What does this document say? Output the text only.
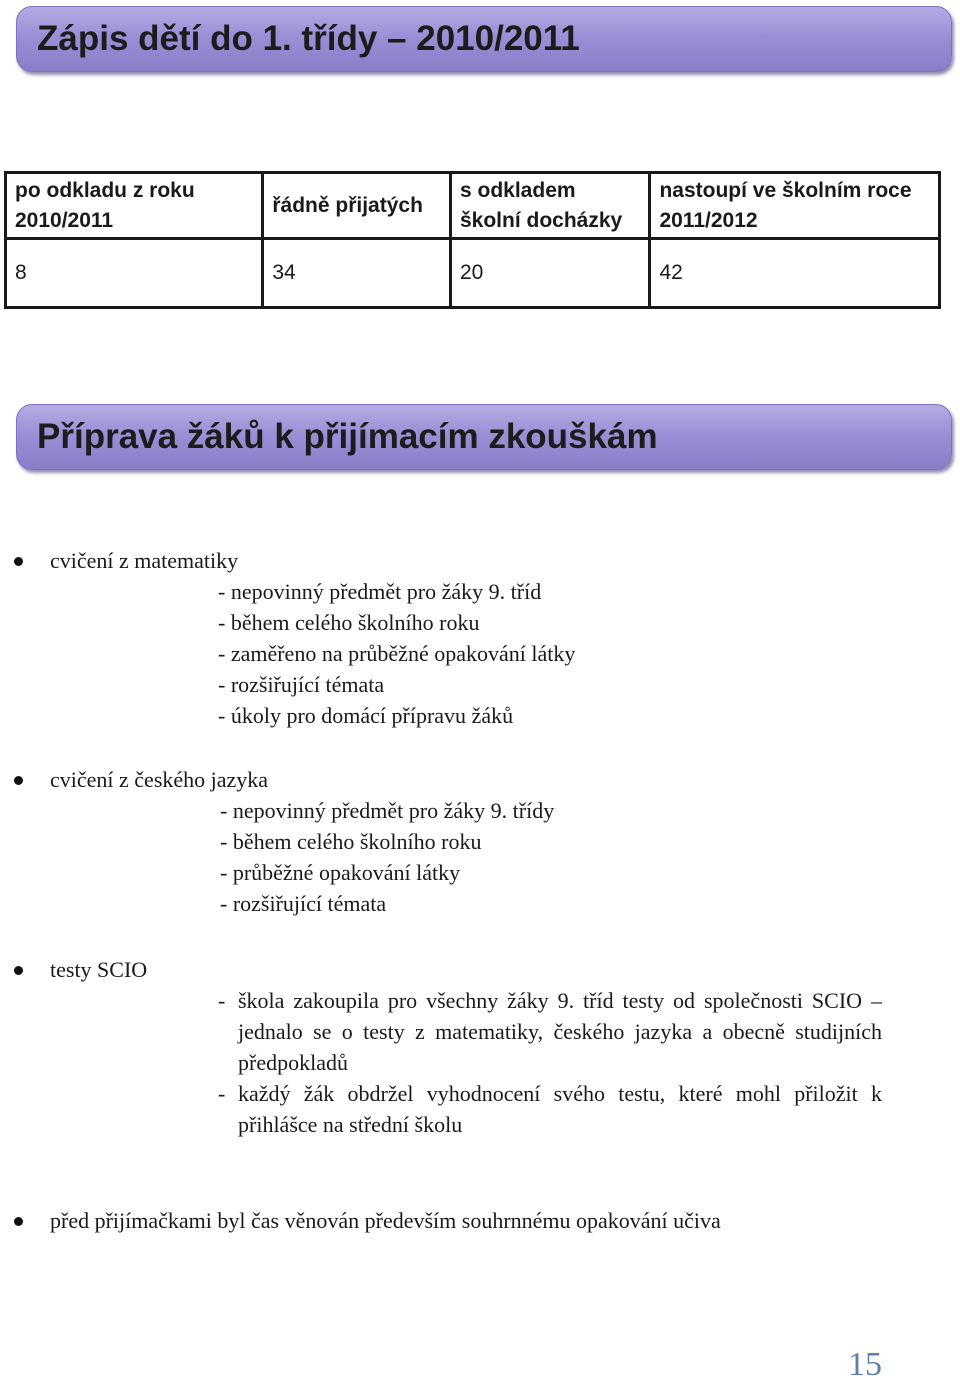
Zápis dětí do 1. třídy – 2010/2011
po odkladu z roku 2010/2011	řádně přijatých	s odkladem školní docházky	nastoupí ve školním roce 2011/2012
8	34	20	42
Příprava žáků k přijímacím zkouškám
cvičení z matematiky
- nepovinný předmět pro žáky 9. tříd
- během celého školního roku
- zaměřeno na průběžné opakování látky
- rozšiřující témata
- úkoly pro domácí přípravu žáků
cvičení z českého jazyka
- nepovinný předmět pro žáky 9. třídy
- během celého školního roku
- průběžné opakování látky
- rozšiřující témata
testy SCIO
- škola zakoupila pro všechny žáky 9. tříd testy od společnosti SCIO – jednalo se o testy z matematiky, českého jazyka a obecně studijních předpokladů
- každý žák obdržel vyhodnocení svého testu, které mohl přiložit k přihlášce na střední školu
před přijímačkami byl čas věnován především souhrnnému opakování učiva
15
